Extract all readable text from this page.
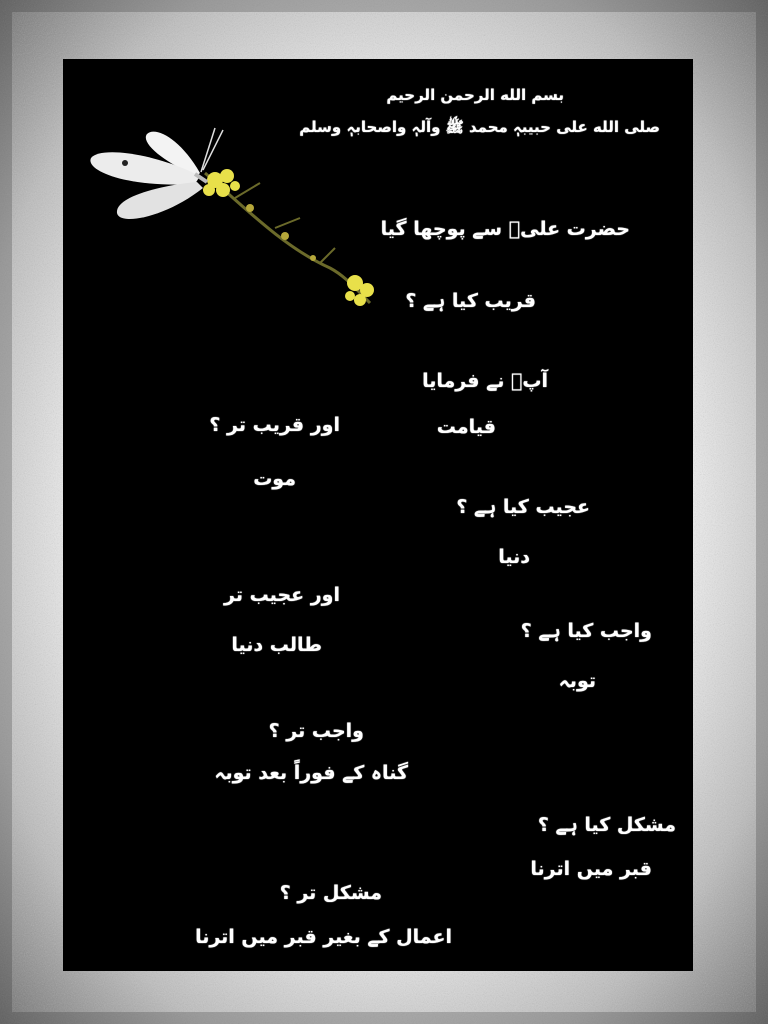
بسم الله الرحمن الرحیم
صلی الله علی حبیبہٖ محمد ﷺ وآلہٖ واصحابہٖ وسلم
حضرت علیؑ سے پوچھا گیا
قریب کیا ہے ؟
آپؑ نے فرمایا
قیامت
اور قریب تر ؟
موت
عجیب کیا ہے ؟
دنیا
اور عجیب تر
طالب دنیا
واجب کیا ہے ؟
توبہ
واجب تر ؟
گناہ کے فوراً بعد توبہ
مشکل کیا ہے ؟
قبر میں اترنا
مشکل تر ؟
اعمال کے بغیر قبر میں اترنا
